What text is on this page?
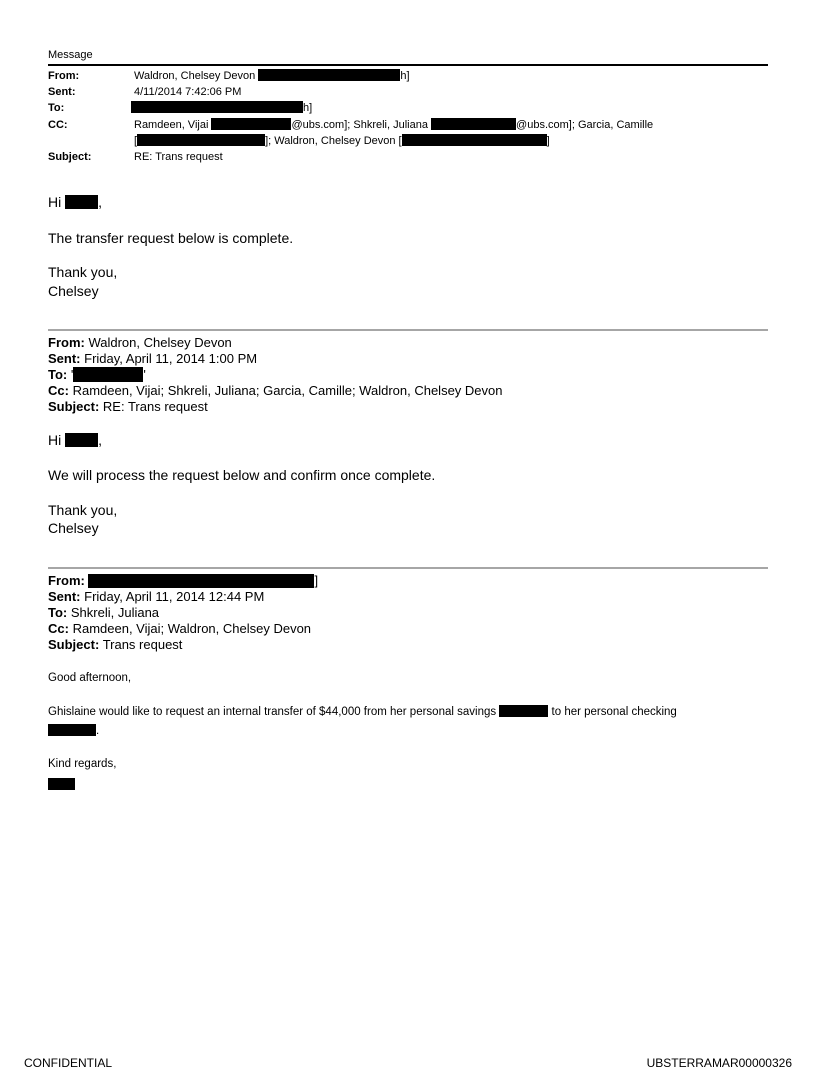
Message
From:	Waldron, Chelsey Devon	h]
Sent:	4/11/2014 7:42:06 PM
To:	h]
CC:	Ramdeen, Vijai	@ubs.com]; Shkreli, Juliana	@ubs.com]; Garcia, Camille
[	]; Waldron, Chelsey Devon [	]
Subject:	RE: Trans request
Hi	,
The transfer request below is complete.
Thank you,
Chelsey
From: Waldron, Chelsey Devon
Sent: Friday, April 11, 2014 1:00 PM
To: '	'
Cc: Ramdeen, Vijai; Shkreli, Juliana; Garcia, Camille; Waldron, Chelsey Devon
Subject: RE: Trans request
Hi	,
We will process the request below and confirm once complete.
Thank you,
Chelsey
From:	]
Sent: Friday, April 11, 2014 12:44 PM
To: Shkreli, Juliana
Cc: Ramdeen, Vijai; Waldron, Chelsey Devon
Subject: Trans request
Good afternoon,
Ghislaine would like to request an internal transfer of $44,000 from her personal savings	to her personal checking
.
Kind regards,
CONFIDENTIAL	UBSTERRAMAR00000326
